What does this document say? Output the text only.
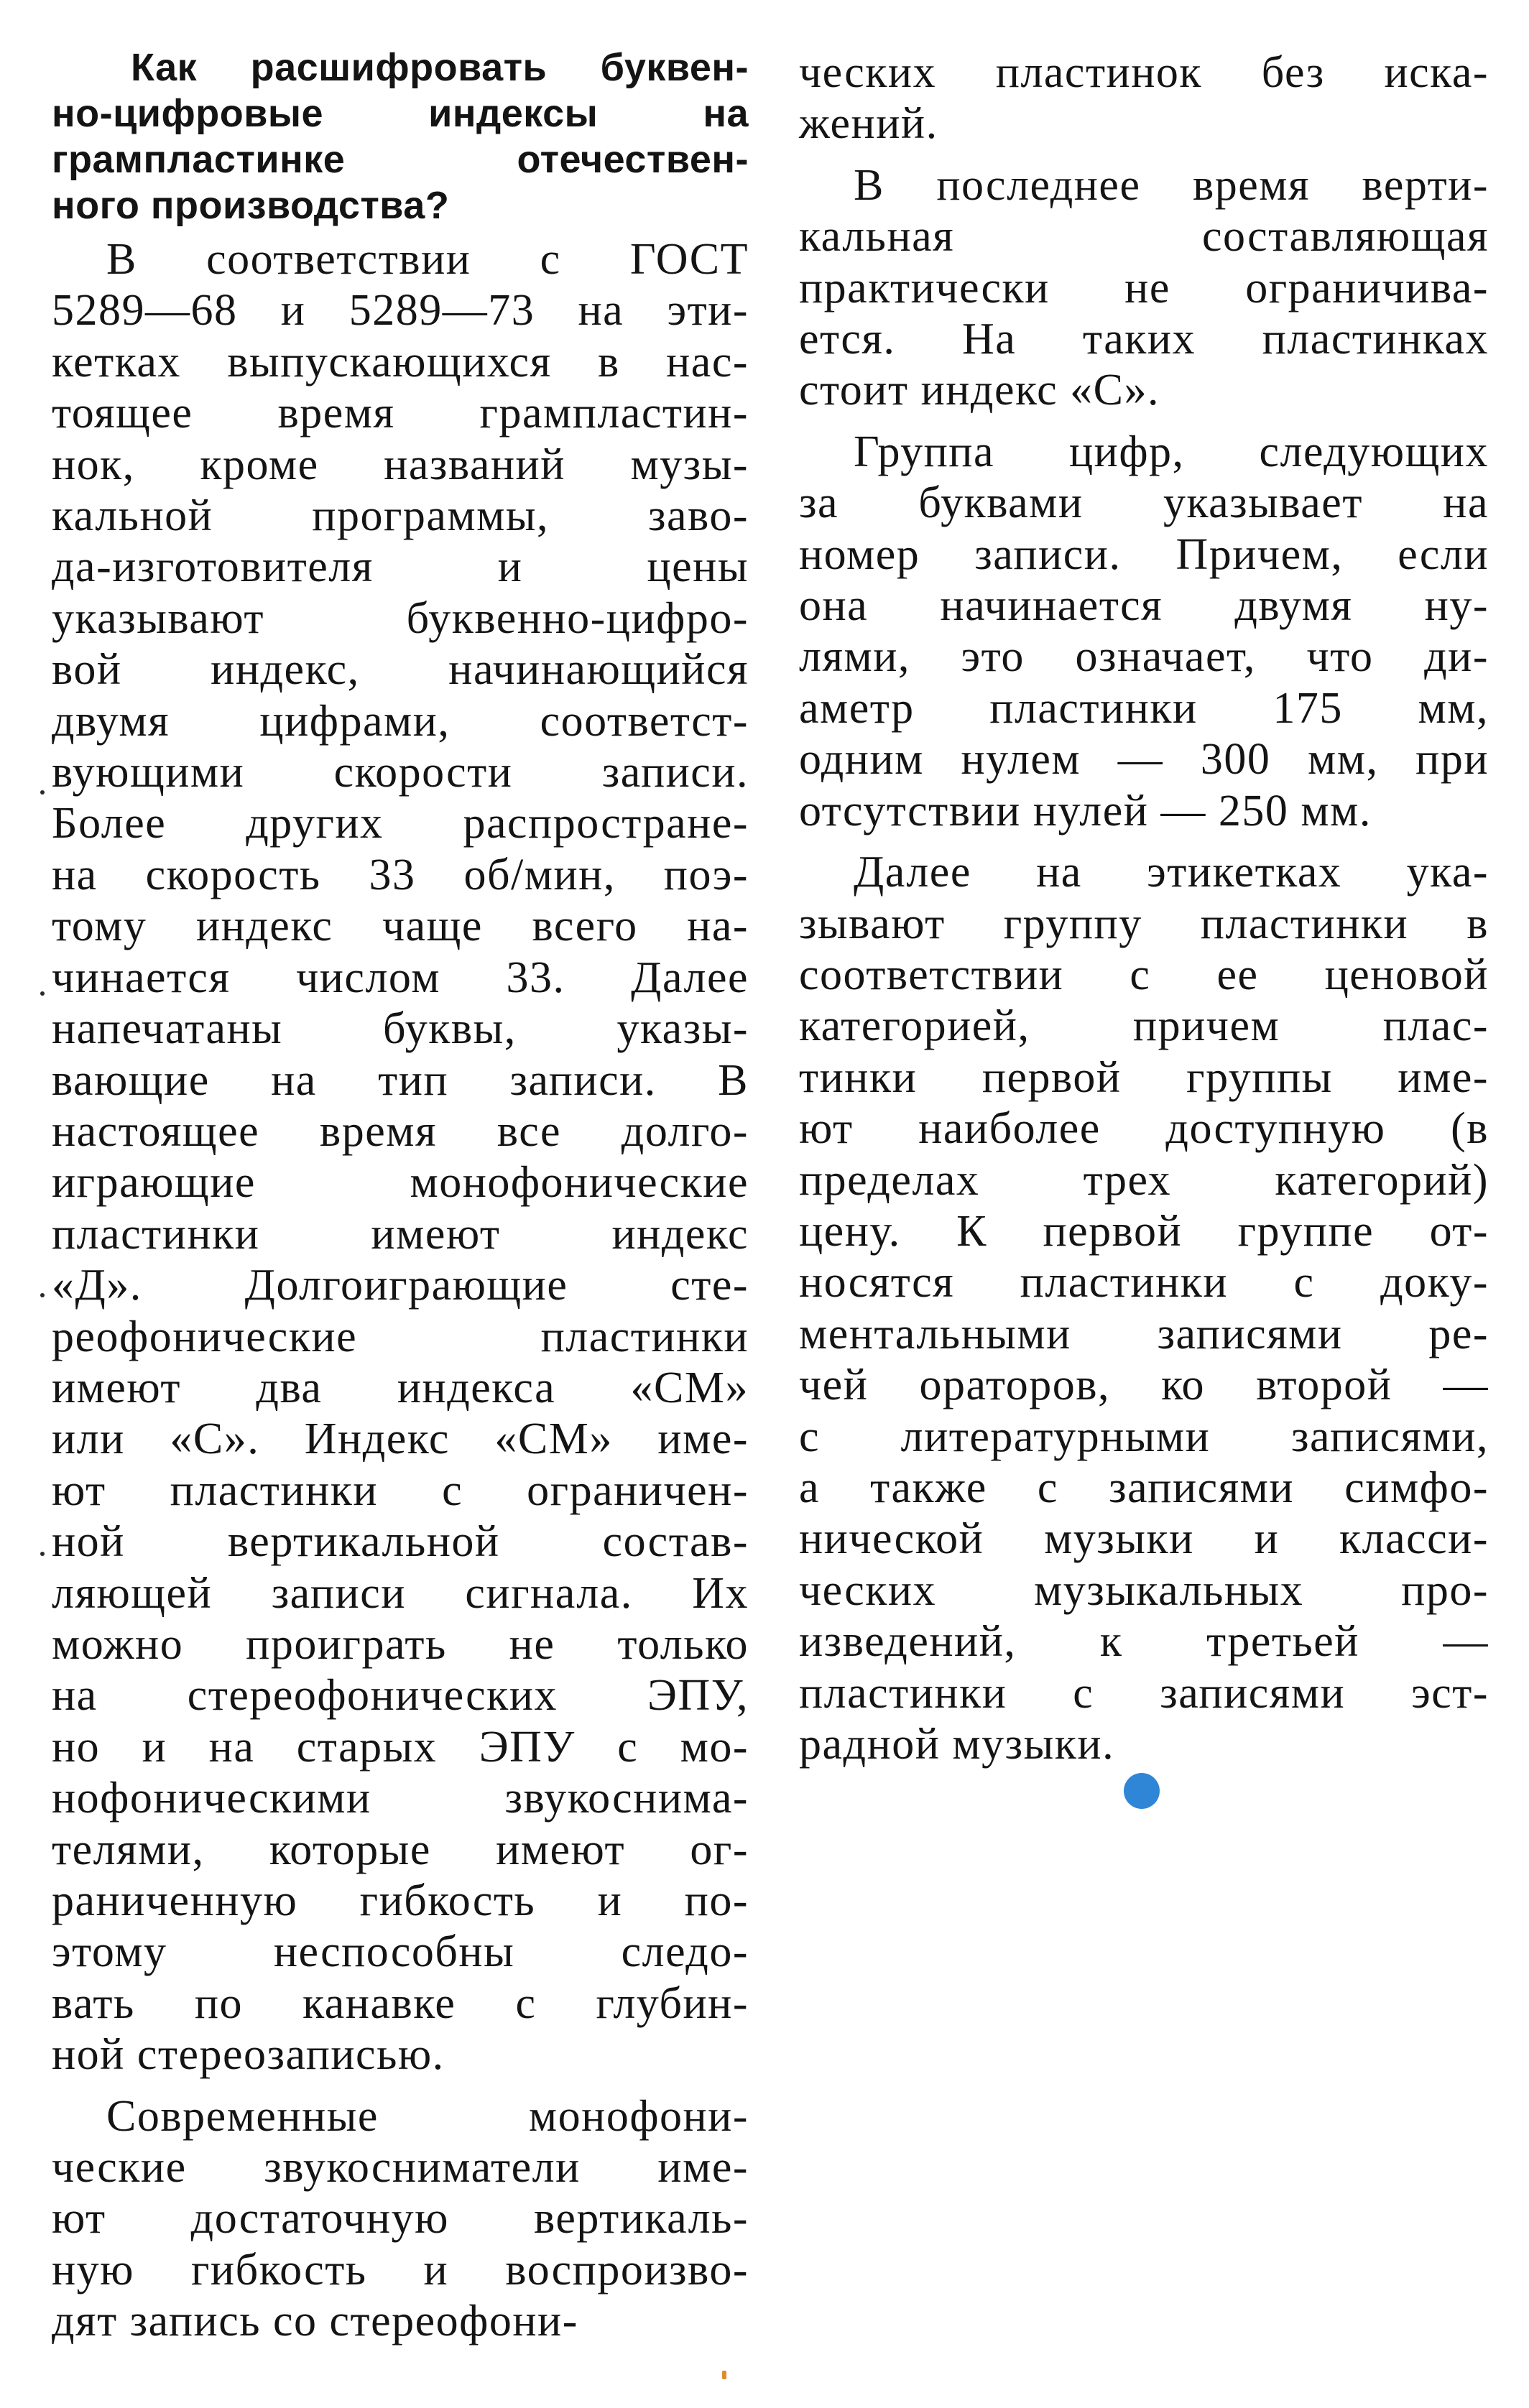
Как расшифровать буквен-
но-цифровые индексы на
грампластинке отечествен-
ного производства?
В соответствии с ГОСТ
5289—68 и 5289—73 на эти-
кетках выпускающихся в нас-
тоящее время грампластин-
нок, кроме названий музы-
кальной программы, заво-
да-изготовителя и цены
указывают буквенно-цифро-
вой индекс, начинающийся
двумя цифрами, соответст-
вующими скорости записи.
Более других распростране-
на скорость 33 об/мин, поэ-
тому индекс чаще всего на-
чинается числом 33. Далее
напечатаны буквы, указы-
вающие на тип записи. В
настоящее время все долго-
играющие монофонические
пластинки имеют индекс
«Д». Долгоиграющие сте-
реофонические пластинки
имеют два индекса «СМ»
или «С». Индекс «СМ» име-
ют пластинки с ограничен-
ной вертикальной состав-
ляющей записи сигнала. Их
можно проиграть не только
на стереофонических ЭПУ,
но и на старых ЭПУ с мо-
нофоническими звукоснима-
телями, которые имеют ог-
раниченную гибкость и по-
этому неспособны следо-
вать по канавке с глубин-
ной стереозаписью.
Современные монофони-
ческие звукосниматели име-
ют достаточную вертикаль-
ную гибкость и воспроизво-
дят запись со стереофони-
ческих пластинок без иска-
жений.
В последнее время верти-
кальная составляющая
практически не ограничива-
ется. На таких пластинках
стоит индекс «С».
Группа цифр, следующих
за буквами указывает на
номер записи. Причем, если
она начинается двумя ну-
лями, это означает, что ди-
аметр пластинки 175 мм,
одним нулем — 300 мм, при
отсутствии нулей — 250 мм.
Далее на этикетках ука-
зывают группу пластинки в
соответствии с ее ценовой
категорией, причем плас-
тинки первой группы име-
ют наиболее доступную (в
пределах трех категорий)
цену. К первой группе от-
носятся пластинки с доку-
ментальными записями ре-
чей ораторов, ко второй —
с литературными записями,
а также с записями симфо-
нической музыки и класси-
ческих музыкальных про-
изведений, к третьей —
пластинки с записями эст-
радной музыки.
